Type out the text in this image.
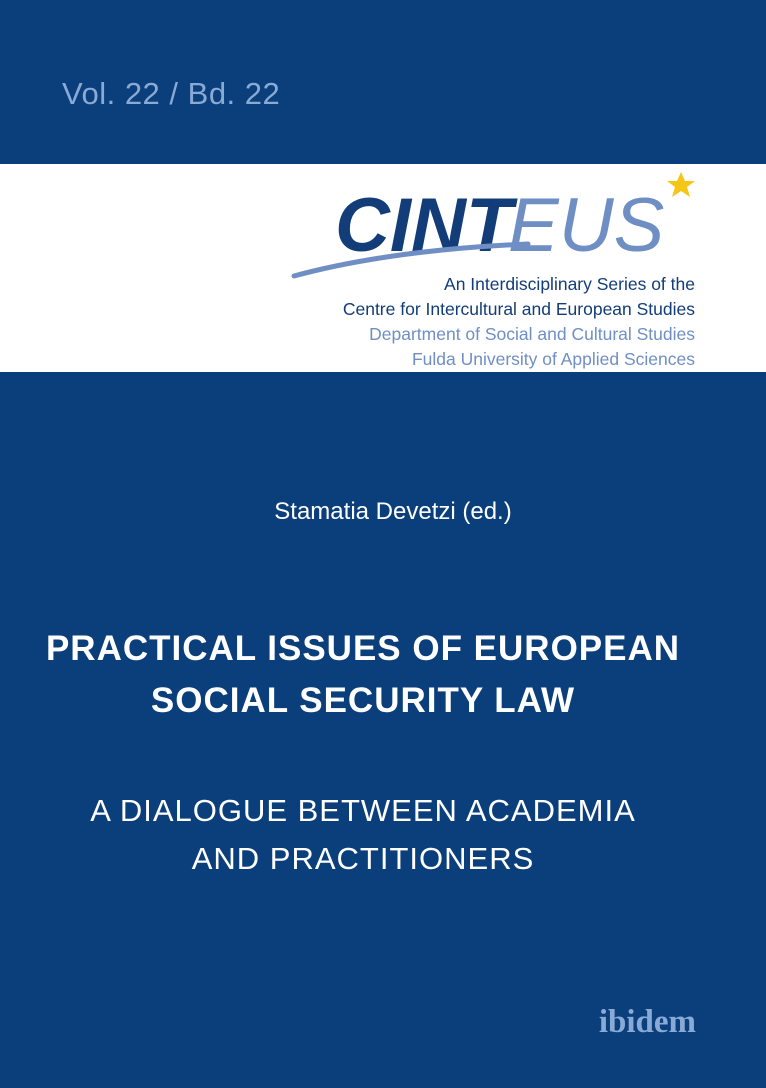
Vol. 22 / Bd. 22
CINT
EUS
An Interdisciplinary Series of the
Centre for Intercultural and European Studies
Department of Social and Cultural Studies
Fulda University of Applied Sciences
Stamatia Devetzi (ed.)
PRACTICAL ISSUES OF EUROPEAN
SOCIAL SECURITY LAW
A DIALOGUE BETWEEN ACADEMIA
AND PRACTITIONERS
ibidem
